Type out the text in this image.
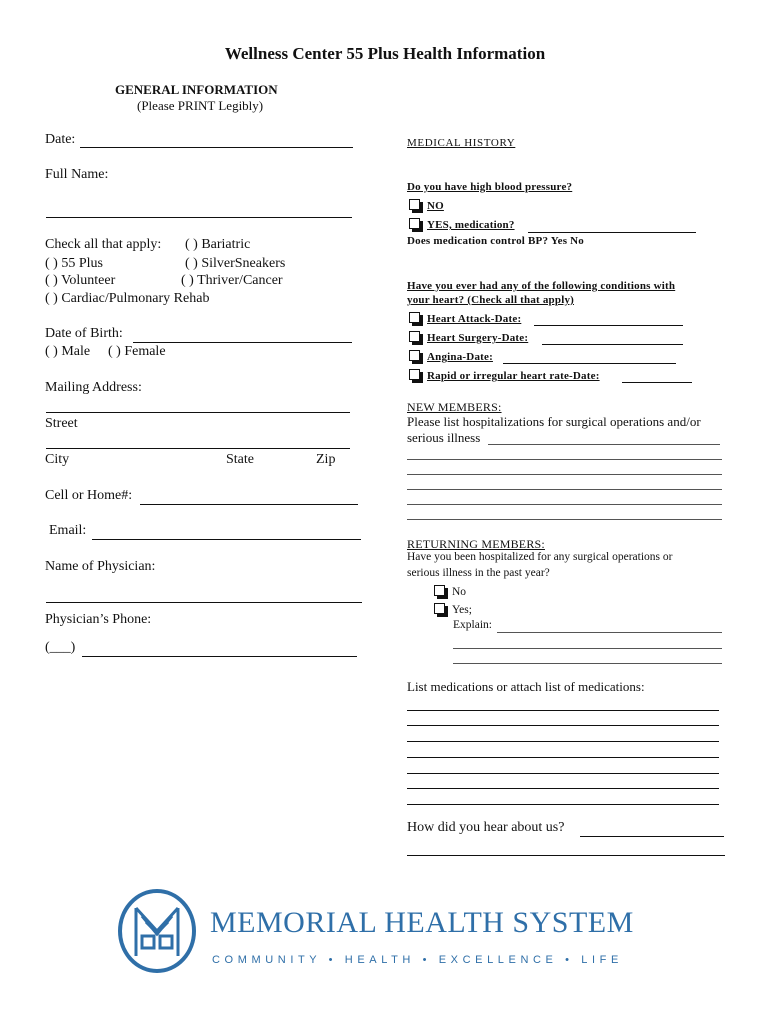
Wellness Center 55 Plus Health Information
GENERAL INFORMATION
(Please PRINT Legibly)
Date:
Full Name:
Check all that apply: ( ) Bariatric
( ) 55 Plus	( ) SilverSneakers
( ) Volunteer	( ) Thriver/Cancer
( ) Cardiac/Pulmonary Rehab
Date of Birth:
( ) Male ( ) Female
Mailing Address:
Street
City	State	Zip
Cell or Home#:
Email:
Name of Physician:
Physician’s Phone:
(___)
MEDICAL HISTORY
Do you have high blood pressure?
NO
YES, medication?
Does medication control BP? Yes No
Have you ever had any of the following conditions with
your heart? (Check all that apply)
Heart Attack-Date:
Heart Surgery-Date:
Angina-Date:
Rapid or irregular heart rate-Date:
NEW MEMBERS:
Please list hospitalizations for surgical operations and/or
serious illness
RETURNING MEMBERS:
Have you been hospitalized for any surgical operations or
serious illness in the past year?
No
Yes;
Explain:
List medications or attach list of medications:
How did you hear about us?
MEMORIAL HEALTH SYSTEM
COMMUNITY • HEALTH • EXCELLENCE • LIFE
